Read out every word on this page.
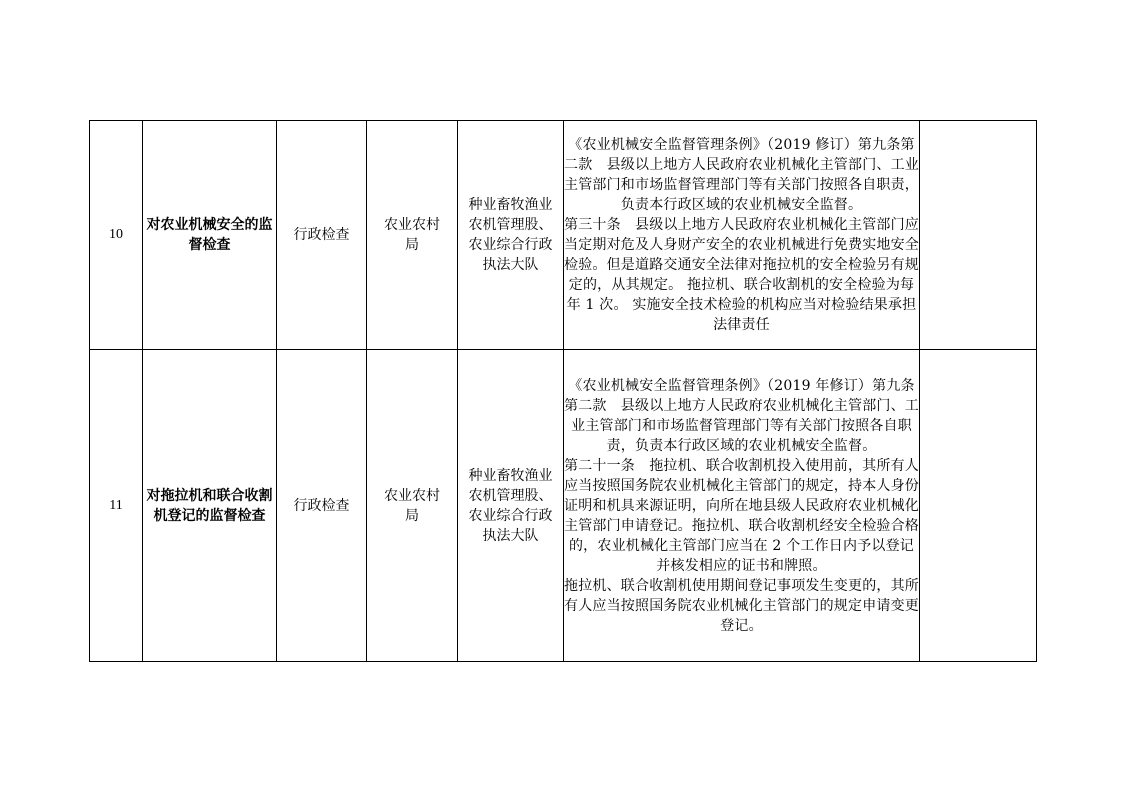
10	对农业机械安全的监督检查	行政检查	农业农村局	种业畜牧渔业农机管理股、农业综合行政执法大队	《农业机械安全监督管理条例》（2019 修订）第九条第二款　县级以上地方人民政府农业机械化主管部门、工业主管部门和市场监督管理部门等有关部门按照各自职责，负责本行政区域的农业机械安全监督。

第三十条　县级以上地方人民政府农业机械化主管部门应当定期对危及人身财产安全的农业机械进行免费实地安全检验。但是道路交通安全法律对拖拉机的安全检验另有规定的，从其规定。 拖拉机、联合收割机的安全检验为每年 1 次。 实施安全技术检验的机构应当对检验结果承担法律责任	

11	对拖拉机和联合收割机登记的监督检查	行政检查	农业农村局	种业畜牧渔业农机管理股、农业综合行政执法大队	《农业机械安全监督管理条例》（2019 年修订）第九条第二款　县级以上地方人民政府农业机械化主管部门、工业主管部门和市场监督管理部门等有关部门按照各自职责，负责本行政区域的农业机械安全监督。

第二十一条　拖拉机、联合收割机投入使用前，其所有人应当按照国务院农业机械化主管部门的规定，持本人身份证明和机具来源证明，向所在地县级人民政府农业机械化主管部门申请登记。拖拉机、联合收割机经安全检验合格的，农业机械化主管部门应当在 2 个工作日内予以登记并核发相应的证书和牌照。

拖拉机、联合收割机使用期间登记事项发生变更的，其所有人应当按照国务院农业机械化主管部门的规定申请变更登记。	
